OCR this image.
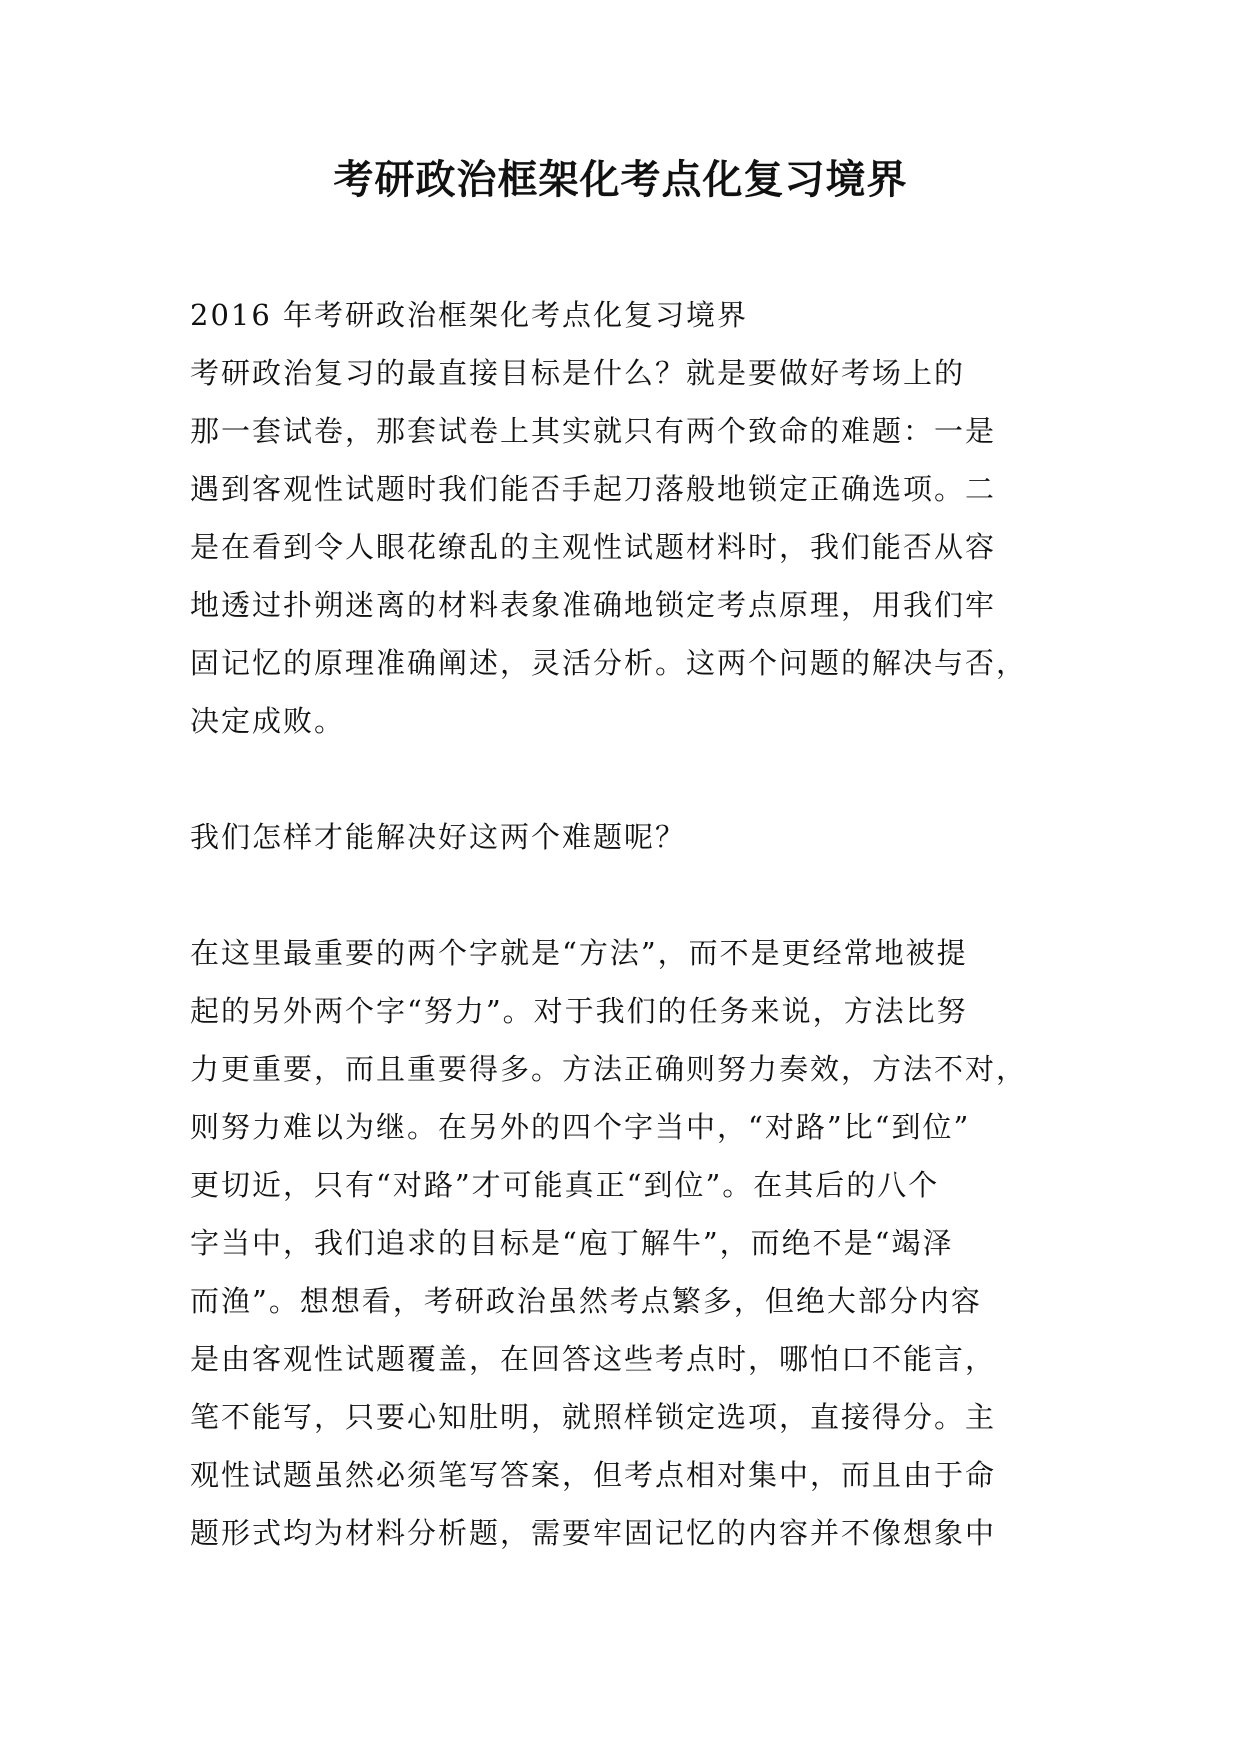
考研政治框架化考点化复习境界
2016 年考研政治框架化考点化复习境界
考研政治复习的最直接目标是什么？就是要做好考场上的
那一套试卷，那套试卷上其实就只有两个致命的难题：一是
遇到客观性试题时我们能否手起刀落般地锁定正确选项。二
是在看到令人眼花缭乱的主观性试题材料时，我们能否从容
地透过扑朔迷离的材料表象准确地锁定考点原理，用我们牢
固记忆的原理准确阐述，灵活分析。这两个问题的解决与否，
决定成败。
我们怎样才能解决好这两个难题呢？
在这里最重要的两个字就是“方法”，而不是更经常地被提
起的另外两个字“努力”。对于我们的任务来说，方法比努
力更重要，而且重要得多。方法正确则努力奏效，方法不对，
则努力难以为继。在另外的四个字当中，“对路”比“到位”
更切近，只有“对路”才可能真正“到位”。在其后的八个
字当中，我们追求的目标是“庖丁解牛”，而绝不是“竭泽
而渔”。想想看，考研政治虽然考点繁多，但绝大部分内容
是由客观性试题覆盖，在回答这些考点时，哪怕口不能言，
笔不能写，只要心知肚明，就照样锁定选项，直接得分。主
观性试题虽然必须笔写答案，但考点相对集中，而且由于命
题形式均为材料分析题，需要牢固记忆的内容并不像想象中
